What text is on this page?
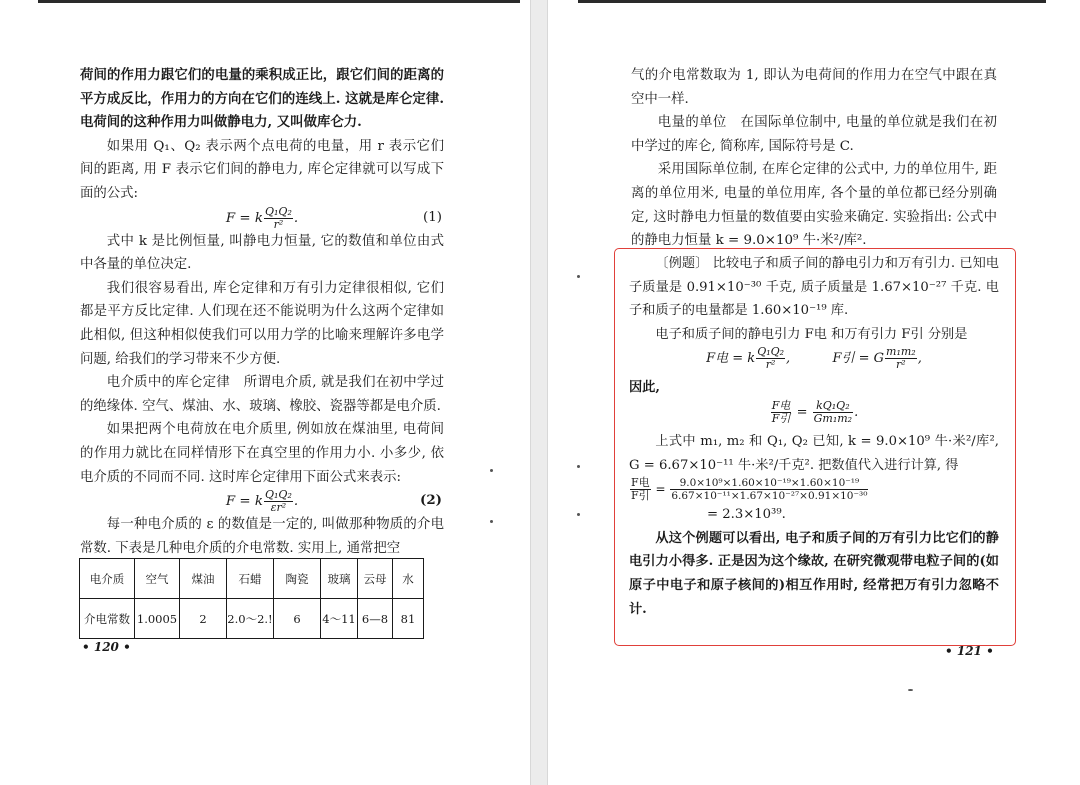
荷间的作用力跟它们的电量的乘积成正比，跟它们间的距离的平方成反比，作用力的方向在它们的连线上. 这就是库仑定律. 电荷间的这种作用力叫做静电力, 又叫做库仑力.

如果用 Q₁、Q₂ 表示两个点电荷的电量，用 r 表示它们间的距离, 用 F 表示它们间的静电力, 库仑定律就可以写成下面的公式:

F = k $\frac{\text{Q₁Q₂}}{\text{r²}}$ .	(1)

式中 k 是比例恒量, 叫静电力恒量, 它的数值和单位由式中各量的单位决定.

我们很容易看出, 库仑定律和万有引力定律很相似, 它们都是平方反比定律. 人们现在还不能说明为什么这两个定律如此相似, 但这种相似使我们可以用力学的比喻来理解许多电学问题, 给我们的学习带来不少方便.

电介质中的库仑定律　所谓电介质, 就是我们在初中学过的绝缘体. 空气、煤油、水、玻璃、橡胶、瓷器等都是电介质.

如果把两个电荷放在电介质里, 例如放在煤油里, 电荷间的作用力就比在同样情形下在真空里的作用力小. 小多少, 依电介质的不同而不同. 这时库仑定律用下面公式来表示:

F = k $\frac{\text{Q₁Q₂}}{\text{εr²}}$ .	(2)

每一种电介质的 ε 的数值是一定的, 叫做那种物质的介电常数. 下表是几种电介质的介电常数. 实用上, 通常把空

电介质	空气	煤油	石蜡	陶瓷	玻璃	云母	水
介电常数	1.0005	2	2.0～2.!	6	4～11	6—8	81
• 120 •

气的介电常数取为 1, 即认为电荷间的作用力在空气中跟在真空中一样.

电量的单位　在国际单位制中, 电量的单位就是我们在初中学过的库仑, 简称库, 国际符号是 C.

采用国际单位制, 在库仑定律的公式中, 力的单位用牛, 距离的单位用米, 电量的单位用库, 各个量的单位都已经分别确定, 这时静电力恒量的数值要由实验来确定. 实验指出: 公式中的静电力恒量 k = 9.0×10⁹ 牛·米²/库².

〔例题〕 比较电子和质子间的静电引力和万有引力. 已知电子质量是 0.91×10⁻³⁰ 千克, 质子质量是 1.67×10⁻²⁷ 千克. 电子和质子的电量都是 1.60×10⁻¹⁹ 库.

电子和质子间的静电引力 F电 和万有引力 F引 分别是

F电 = k $\frac{\text{Q₁Q₂}}{\text{r²}}$ ,	F引 = G $\frac{\text{m₁m₂}}{\text{r²}}$ ,

因此,

$\frac{\text{F电}}{\text{F引}} = \frac{\text{kQ₁Q₂}}{\text{Gm₁m₂}}$ .

上式中 m₁, m₂ 和 Q₁, Q₂ 已知, k = 9.0×10⁹ 牛·米²/库², G = 6.67×10⁻¹¹ 牛·米²/千克². 把数值代入进行计算, 得

$\frac{\text{F电}}{\text{F引}} = \frac{\text{9.0×10⁹×1.60×10⁻¹⁹×1.60×10⁻¹⁹}}{\text{6.67×10⁻¹¹×1.67×10⁻²⁷×0.91×10⁻³⁰}}$

= 2.3×10³⁹.

从这个例题可以看出, 电子和质子间的万有引力比它们的静电引力小得多. 正是因为这个缘故, 在研究微观带电粒子间的(如原子中电子和原子核间的)相互作用时, 经常把万有引力忽略不计.

• 121 •
